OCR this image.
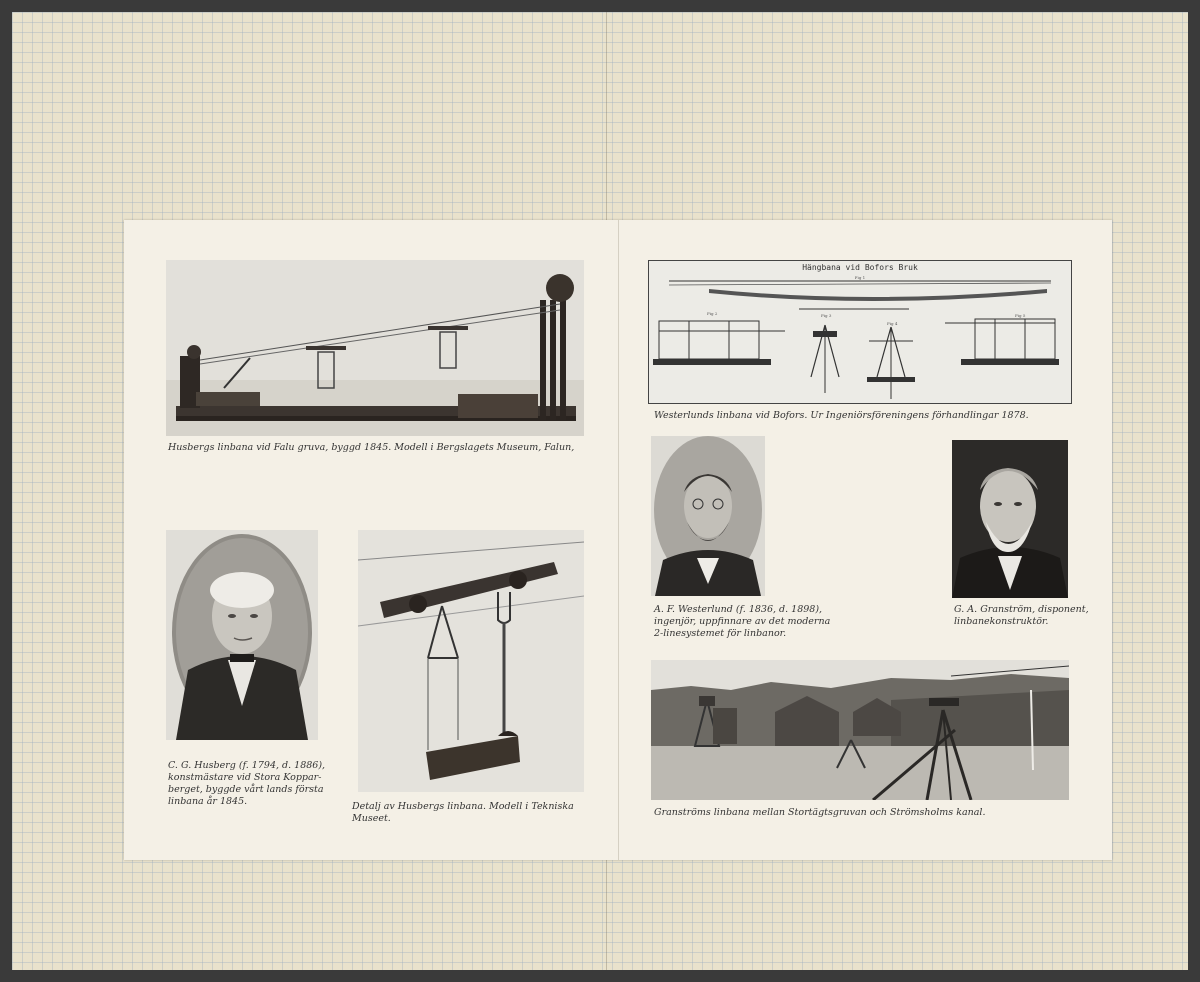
Husbergs linbana vid Falu gruva, byggd 1845. Modell i Bergslagets Museum, Falun,

C. G. Husberg (f. 1794, d. 1886),
konstmästare vid Stora Koppar-
berget, byggde vårt lands första
linbana år 1845.	Detalj av Husbergs linbana. Modell i Tekniska Museet.

Hängbana vid Bofors Bruk
Fig 1
Fig 2	Fig 3
Fig 4
Fig 5

Westerlunds linbana vid Bofors. Ur Ingeniörsföreningens förhandlingar 1878.

A. F. Westerlund (f. 1836, d. 1898),
ingenjör, uppfinnare av det moderna
2-linesystemet för linbanor.

G. A. Granström, disponent,
linbanekonstruktör.

Granströms linbana mellan Stortägtsgruvan och Strömsholms kanal.
